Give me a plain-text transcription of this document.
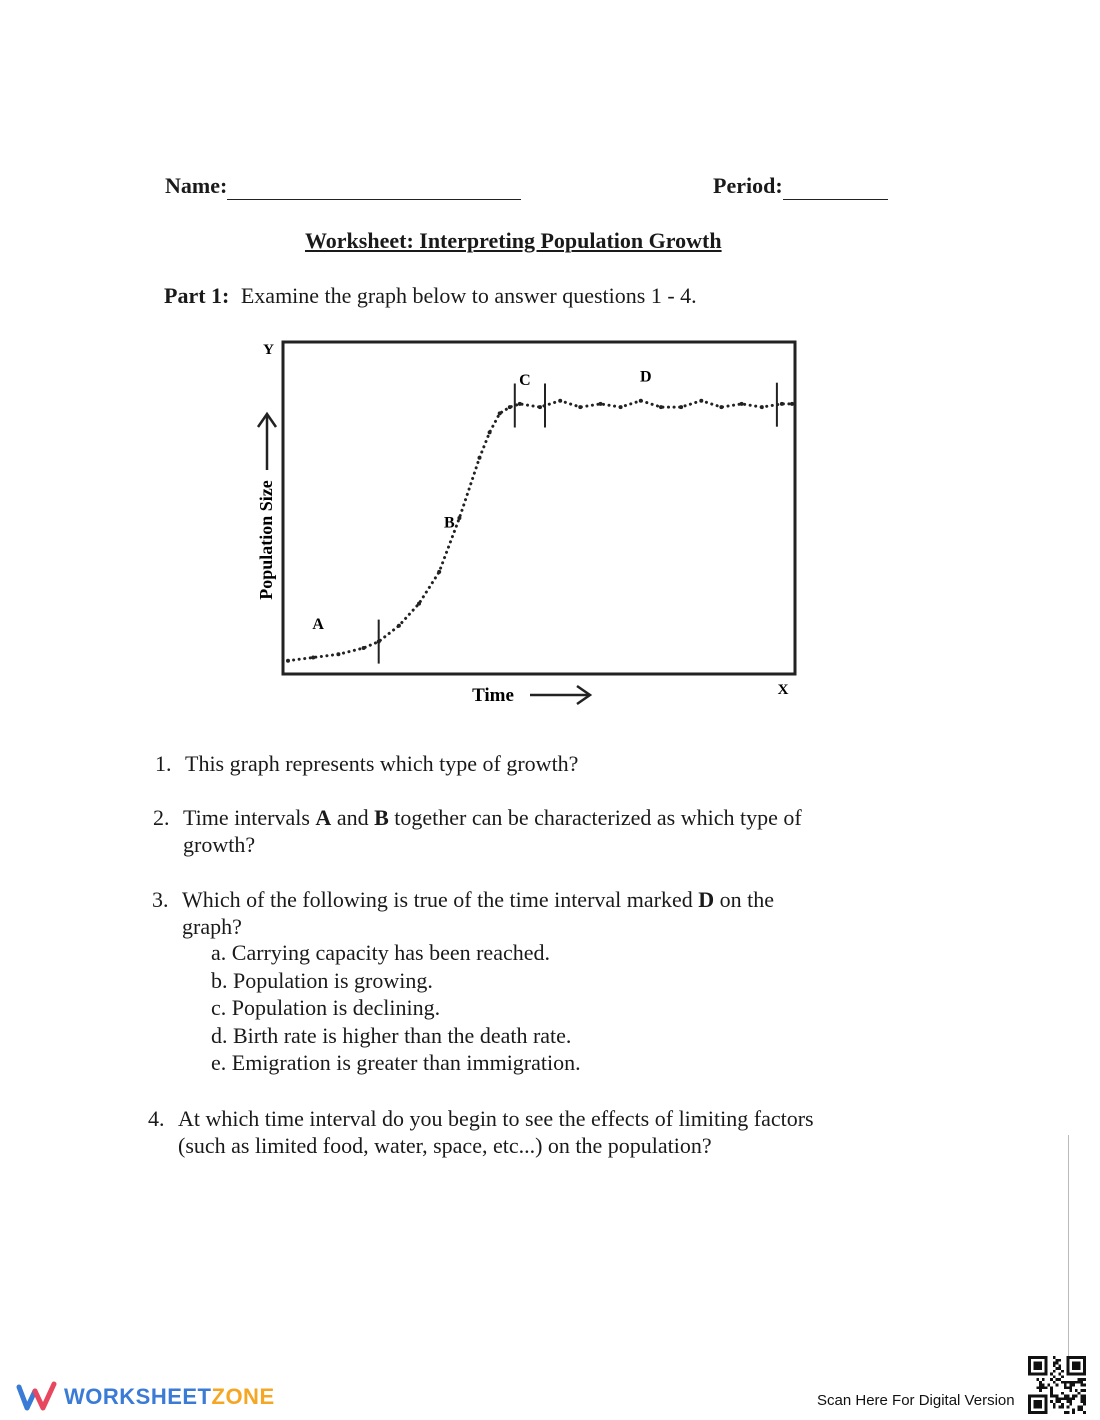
Name:	Period:
Worksheet: Interpreting Population Growth
Part 1: Examine the graph below to answer questions 1 - 4.
Y
X
Time
Population Size
A
B
C	D
1. This graph represents which type of growth?
2. Time intervals A and B together can be characterized as which type of
growth?
3. Which of the following is true of the time interval marked D on the
graph?
a. Carrying capacity has been reached.
b. Population is growing.
c. Population is declining.
d. Birth rate is higher than the death rate.
e. Emigration is greater than immigration.
4. At which time interval do you begin to see the effects of limiting factors
(such as limited food, water, space, etc...) on the population?
WORKSHEETZONE	Scan Here For Digital Version
